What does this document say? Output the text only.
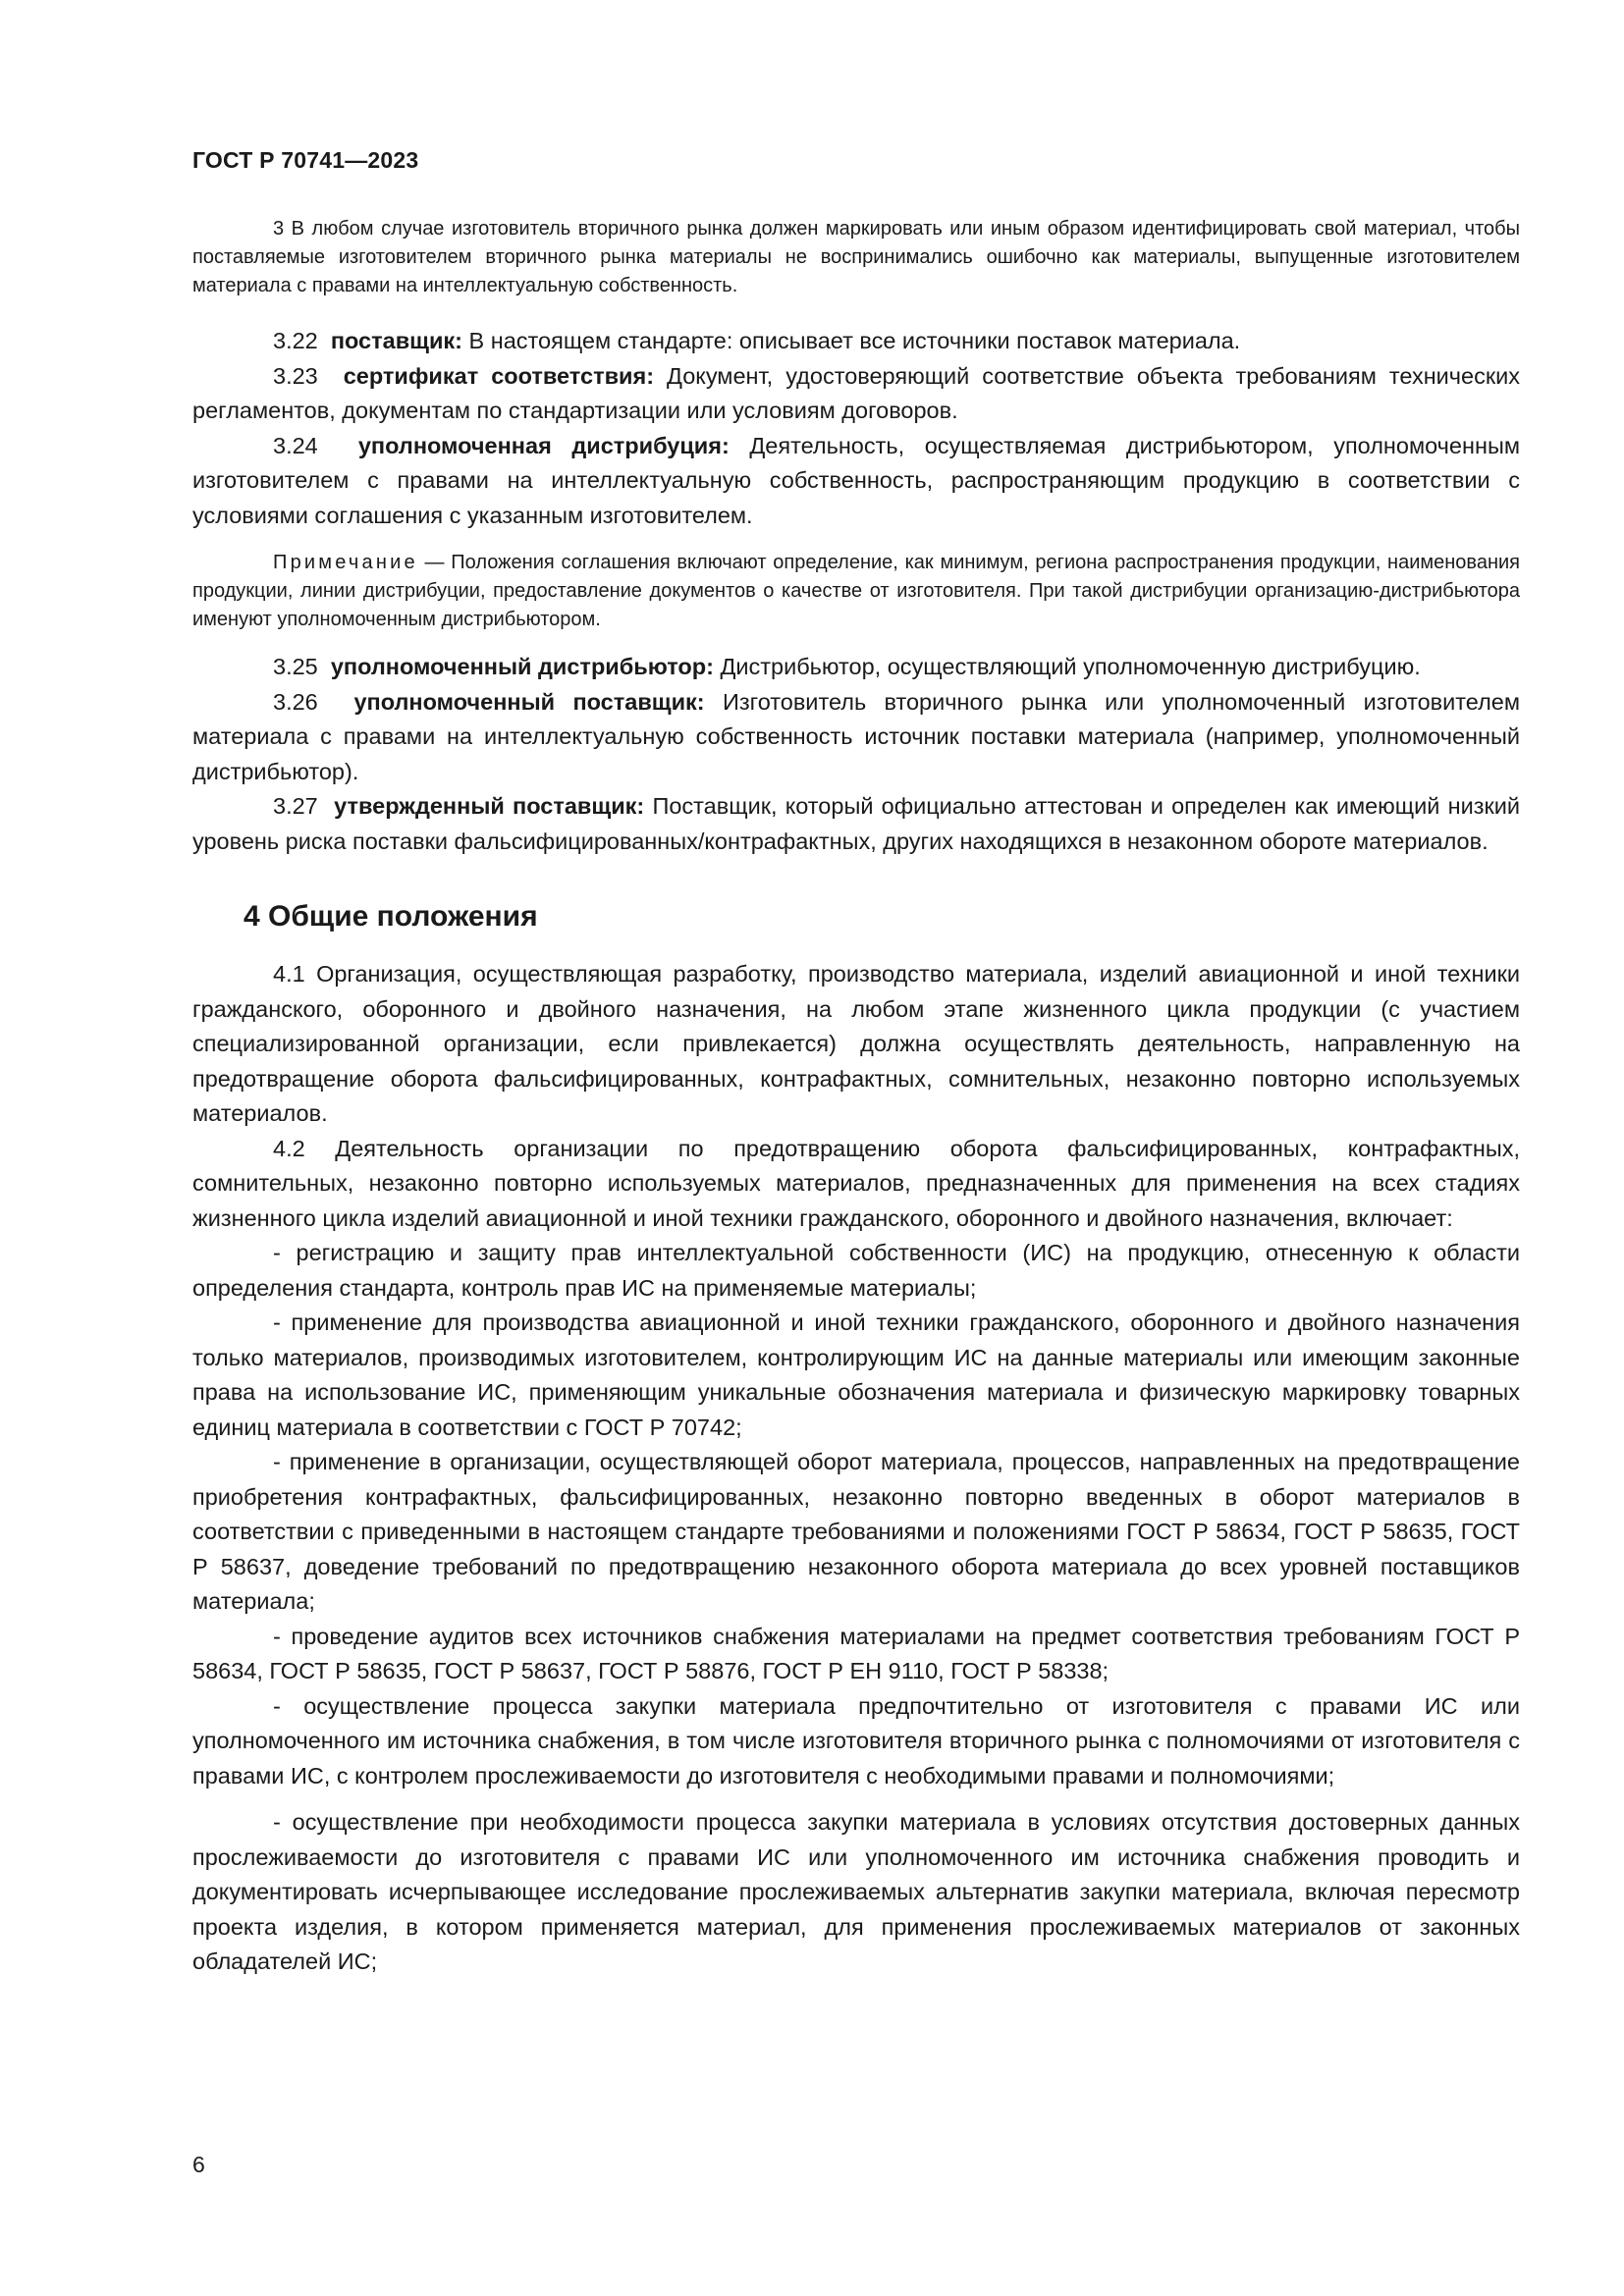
ГОСТ Р 70741—2023

3 В любом случае изготовитель вторичного рынка должен маркировать или иным образом идентифицировать свой материал, чтобы поставляемые изготовителем вторичного рынка материалы не воспринимались ошибочно как материалы, выпущенные изготовителем материала с правами на интеллектуальную собственность.

3.22 поставщик: В настоящем стандарте: описывает все источники поставок материала.

3.23 сертификат соответствия: Документ, удостоверяющий соответствие объекта требованиям технических регламентов, документам по стандартизации или условиям договоров.

3.24 уполномоченная дистрибуция: Деятельность, осуществляемая дистрибьютором, уполномоченным изготовителем с правами на интеллектуальную собственность, распространяющим продукцию в соответствии с условиями соглашения с указанным изготовителем.

Примечание — Положения соглашения включают определение, как минимум, региона распространения продукции, наименования продукции, линии дистрибуции, предоставление документов о качестве от изготовителя. При такой дистрибуции организацию-дистрибьютора именуют уполномоченным дистрибьютором.

3.25 уполномоченный дистрибьютор: Дистрибьютор, осуществляющий уполномоченную дистрибуцию.

3.26 уполномоченный поставщик: Изготовитель вторичного рынка или уполномоченный изготовителем материала с правами на интеллектуальную собственность источник поставки материала (например, уполномоченный дистрибьютор).

3.27 утвержденный поставщик: Поставщик, который официально аттестован и определен как имеющий низкий уровень риска поставки фальсифицированных/контрафактных, других находящихся в незаконном обороте материалов.

4 Общие положения

4.1 Организация, осуществляющая разработку, производство материала, изделий авиационной и иной техники гражданского, оборонного и двойного назначения, на любом этапе жизненного цикла продукции (с участием специализированной организации, если привлекается) должна осуществлять деятельность, направленную на предотвращение оборота фальсифицированных, контрафактных, сомнительных, незаконно повторно используемых материалов.

4.2 Деятельность организации по предотвращению оборота фальсифицированных, контрафактных, сомнительных, незаконно повторно используемых материалов, предназначенных для применения на всех стадиях жизненного цикла изделий авиационной и иной техники гражданского, оборонного и двойного назначения, включает:

- регистрацию и защиту прав интеллектуальной собственности (ИС) на продукцию, отнесенную к области определения стандарта, контроль прав ИС на применяемые материалы;

- применение для производства авиационной и иной техники гражданского, оборонного и двойного назначения только материалов, производимых изготовителем, контролирующим ИС на данные материалы или имеющим законные права на использование ИС, применяющим уникальные обозначения материала и физическую маркировку товарных единиц материала в соответствии с ГОСТ Р 70742;

- применение в организации, осуществляющей оборот материала, процессов, направленных на предотвращение приобретения контрафактных, фальсифицированных, незаконно повторно введенных в оборот материалов в соответствии с приведенными в настоящем стандарте требованиями и положениями ГОСТ Р 58634, ГОСТ Р 58635, ГОСТ Р 58637, доведение требований по предотвращению незаконного оборота материала до всех уровней поставщиков материала;

- проведение аудитов всех источников снабжения материалами на предмет соответствия требованиям ГОСТ Р 58634, ГОСТ Р 58635, ГОСТ Р 58637, ГОСТ Р 58876, ГОСТ Р ЕН 9110, ГОСТ Р 58338;

- осуществление процесса закупки материала предпочтительно от изготовителя с правами ИС или уполномоченного им источника снабжения, в том числе изготовителя вторичного рынка с полномочиями от изготовителя с правами ИС, с контролем прослеживаемости до изготовителя с необходимыми правами и полномочиями;

- осуществление при необходимости процесса закупки материала в условиях отсутствия достоверных данных прослеживаемости до изготовителя с правами ИС или уполномоченного им источника снабжения проводить и документировать исчерпывающее исследование прослеживаемых альтернатив закупки материала, включая пересмотр проекта изделия, в котором применяется материал, для применения прослеживаемых материалов от законных обладателей ИС;

6
